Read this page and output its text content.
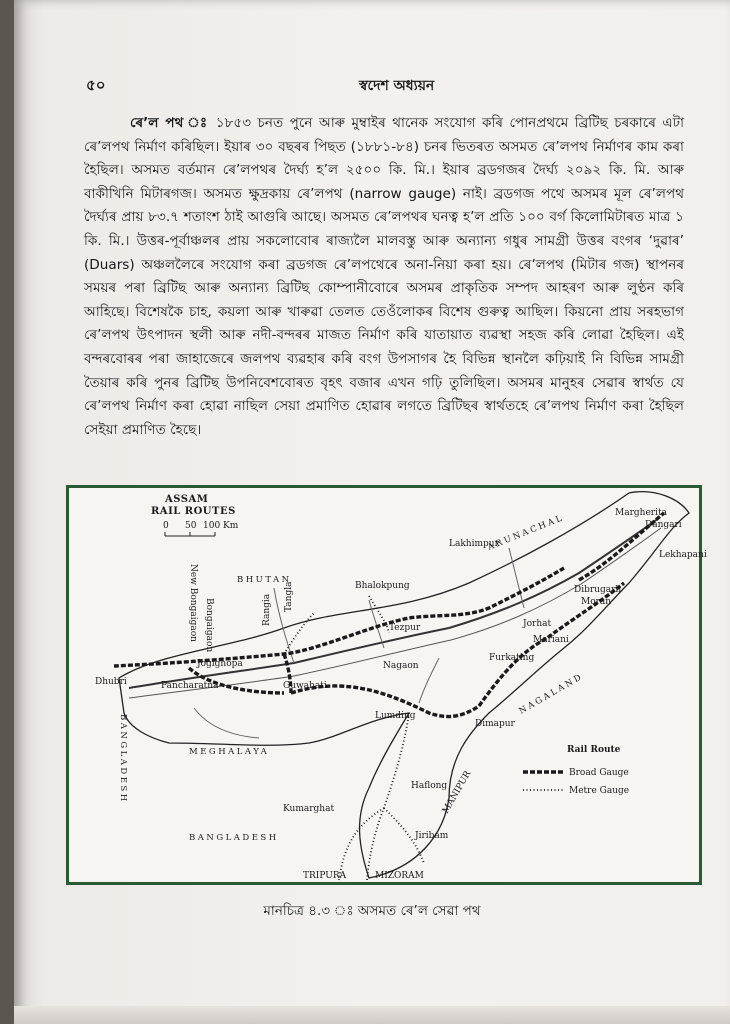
৫০	স্বদেশ অধ্যয়ন

ৰে’ল পথ ঃ ১৮৫৩ চনত পুনে আৰু মুম্বাইৰ থানেক সংযোগ কৰি পোনপ্ৰথমে ব্ৰিটিছ চৰকাৰে এটা ৰে’লপথ নিৰ্মাণ কৰিছিল। ইয়াৰ ৩০ বছৰৰ পিছত (১৮৮১-৮৪) চনৰ ভিতৰত অসমত ৰে’লপথ নিৰ্মাণৰ কাম কৰা হৈছিল। অসমত বৰ্তমান ৰে’লপথৰ দৈৰ্ঘ্য হ’ল ২৫০০ কি. মি.। ইয়াৰ ব্ৰডগজৰ দৈৰ্ঘ্য ২০৯২ কি. মি. আৰু বাকীখিনি মিটাৰগজ। অসমত ক্ষুদ্ৰকায় ৰে’লপথ (narrow gauge) নাই। ব্ৰডগজ পথে অসমৰ মূল ৰে’লপথ দৈৰ্ঘ্যৰ প্ৰায় ৮৩.৭ শতাংশ ঠাই আগুৰি আছে। অসমত ৰে’লপথৰ ঘনত্ব হ’ল প্ৰতি ১০০ বৰ্গ কিলোমিটাৰত মাত্ৰ ১ কি. মি.। উত্তৰ-পূৰ্বাঞ্চলৰ প্ৰায় সকলোবোৰ ৰাজ্যলৈ মালবস্তু আৰু অন্যান্য গধুৰ সামগ্ৰী উত্তৰ বংগৰ ‘দুৱাৰ’ (Duars) অঞ্চললৈৰে সংযোগ কৰা ব্ৰডগজ ৰে’লপথেৰে অনা-নিয়া কৰা হয়। ৰে’লপথ (মিটাৰ গজ) স্থাপনৰ সময়ৰ পৰা ব্ৰিটিছ আৰু অন্যান্য ব্ৰিটিছ কোম্পানীবোৰে অসমৰ প্ৰাকৃতিক সম্পদ আহৰণ আৰু লুণ্ঠন কৰি আহিছে। বিশেষকৈ চাহ, কয়লা আৰু খাৰুৱা তেলত তেওঁলোকৰ বিশেষ গুৰুত্ব আছিল। কিয়নো প্ৰায় সৰহভাগ ৰে’লপথ উৎপাদন স্থলী আৰু নদী-বন্দৰৰ মাজত নিৰ্মাণ কৰি যাতায়াত ব্যৱস্থা সহজ কৰি লোৱা হৈছিল। এই বন্দৰবোৰৰ পৰা জাহাজেৰে জলপথ ব্যৱহাৰ কৰি বংগ উপসাগৰ হৈ বিভিন্ন স্থানলৈ কঢ়িয়াই নি বিভিন্ন সামগ্ৰী তৈয়াৰ কৰি পুনৰ ব্ৰিটিছ উপনিবেশবোৰত বৃহৎ বজাৰ এখন গঢ়ি তুলিছিল। অসমৰ মানুহৰ সেৱাৰ স্বাৰ্থত যে ৰে’লপথ নিৰ্মাণ কৰা হোৱা নাছিল সেয়া প্ৰমাণিত হোৱাৰ লগতে ব্ৰিটিছৰ স্বাৰ্থতহে ৰে’লপথ নিৰ্মাণ কৰা হৈছিল সেইয়া প্ৰমাণিত হৈছে।

ASSAM
RAIL ROUTES
0 50 100 Km	ARUNACHAL
BHUTAN
NAGALAND
MEGHALAYA
BANGLADESH
BANGLADESH
MANIPUR
TRIPURA	MIZORAM
Margherita
Dangari
Lekhapani
Dibrugarh
Moran
Lakhimpur
Jorhat
Mariani
Furkating
Bhalokpung
Tezpur
Rangia Tangla
Bongaigaon
New Bongaigaon
Jogighopa
Dhubri	Pancharatna	Guwahati
Nagaon
Lumding
Dimapur
Haflong
Kumarghat
Jiribam
Rail Route
Broad Gauge
Metre Gauge
মানচিত্ৰ ৪.৩ ঃ অসমত ৰে’ল সেৱা পথ
